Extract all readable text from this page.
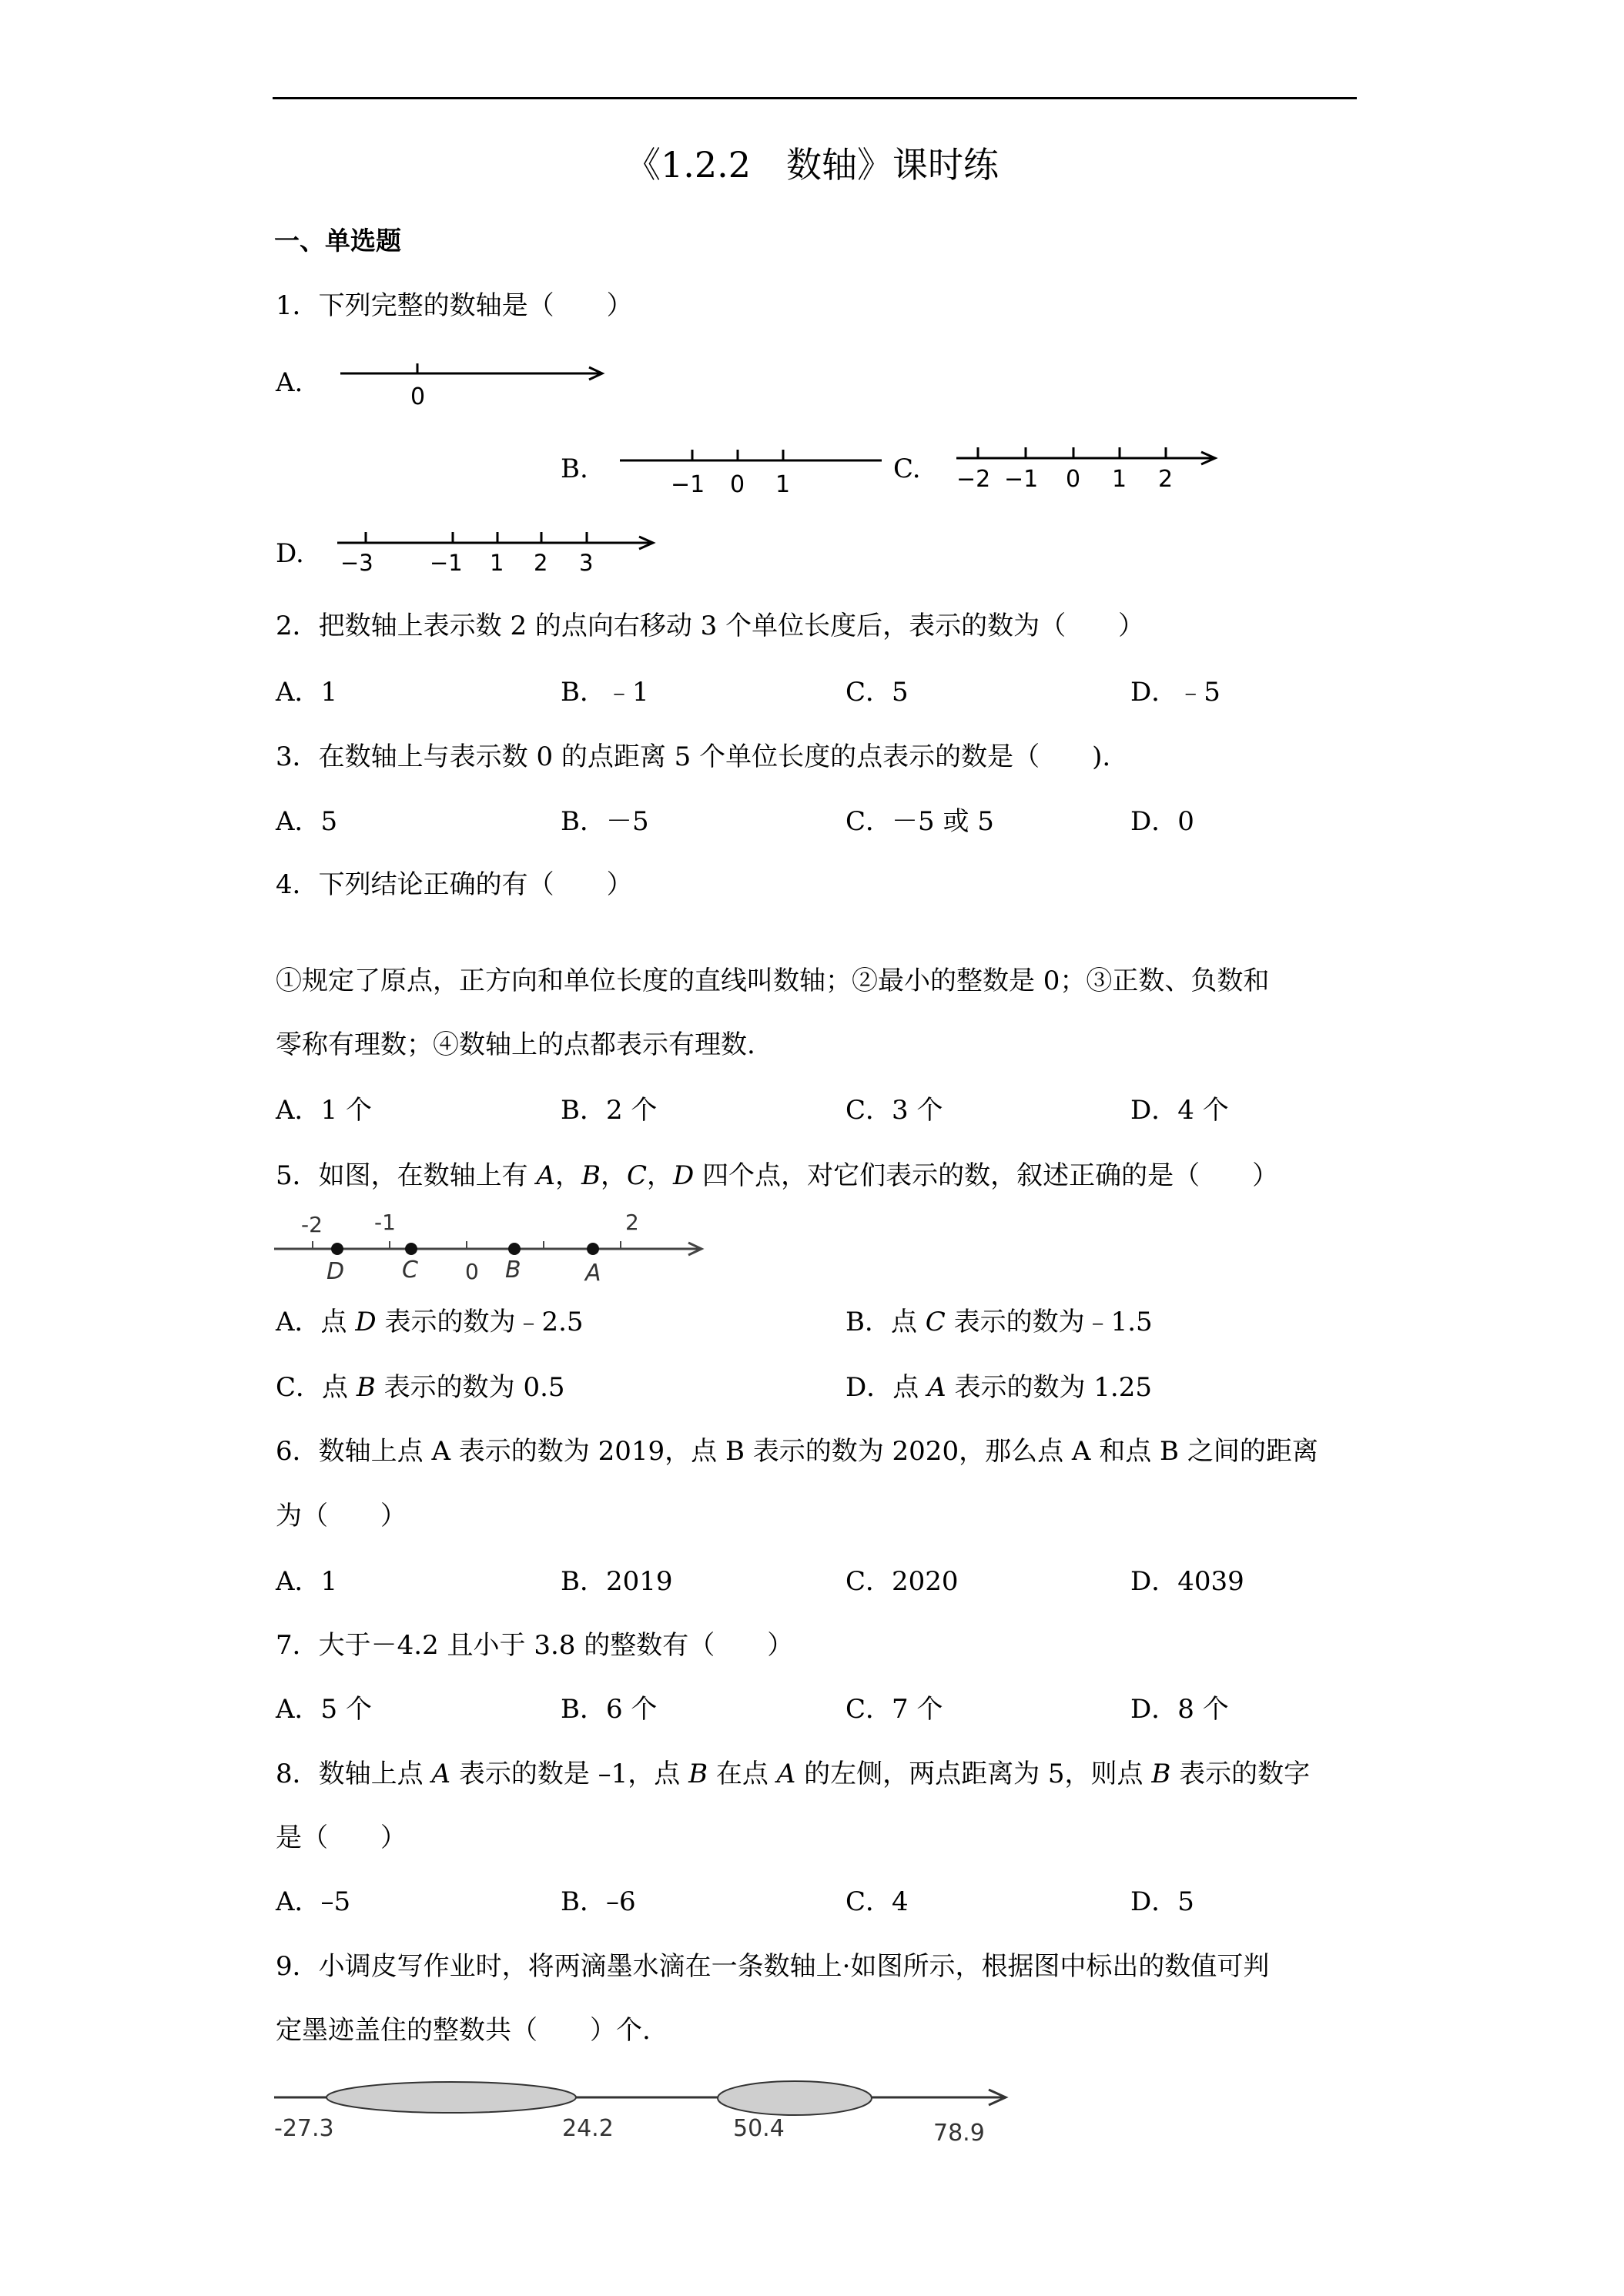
《1.2.2　数轴》课时练
一、单选题
1．下列完整的数轴是（　　）
A.	0
B.
−1 0 1
C. −2 −1 0 1 2
D. −3	−1 1 2 3
2．把数轴上表示数 2 的点向右移动 3 个单位长度后，表示的数为（　　）
A．1	B．﹣1	C．5	D．﹣5
3．在数轴上与表示数 0 的点距离 5 个单位长度的点表示的数是（　　).
A．5	B．－5	C．－5 或 5	D．0
4．下列结论正确的有（　　）
①规定了原点，正方向和单位长度的直线叫数轴；②最小的整数是 0；③正数、负数和
零称有理数；④数轴上的点都表示有理数.
A．1 个	B．2 个	C．3 个	D．4 个
5．如图，在数轴上有 A，B，C，D 四个点，对它们表示的数，叙述正确的是（　　）
-2 -1
0
2
D C	B	A
A．点 D 表示的数为﹣2.5	B．点 C 表示的数为﹣1.5
C．点 B 表示的数为 0.5	D．点 A 表示的数为 1.25
6．数轴上点 A 表示的数为 2019，点 B 表示的数为 2020，那么点 A 和点 B 之间的距离
为（　　）
A．1	B．2019	C．2020	D．4039
7．大于－4.2 且小于 3.8 的整数有（　　）
A．5 个	B．6 个	C．7 个	D．8 个
8．数轴上点 A 表示的数是 –1，点 B 在点 A 的左侧，两点距离为 5，则点 B 表示的数字
是（　　）
A．–5	B．–6	C．4	D．5
9．小调皮写作业时，将两滴墨水滴在一条数轴上·如图所示，根据图中标出的数值可判
定墨迹盖住的整数共（　　）个.
-27.3	24.2	50.4	78.9
